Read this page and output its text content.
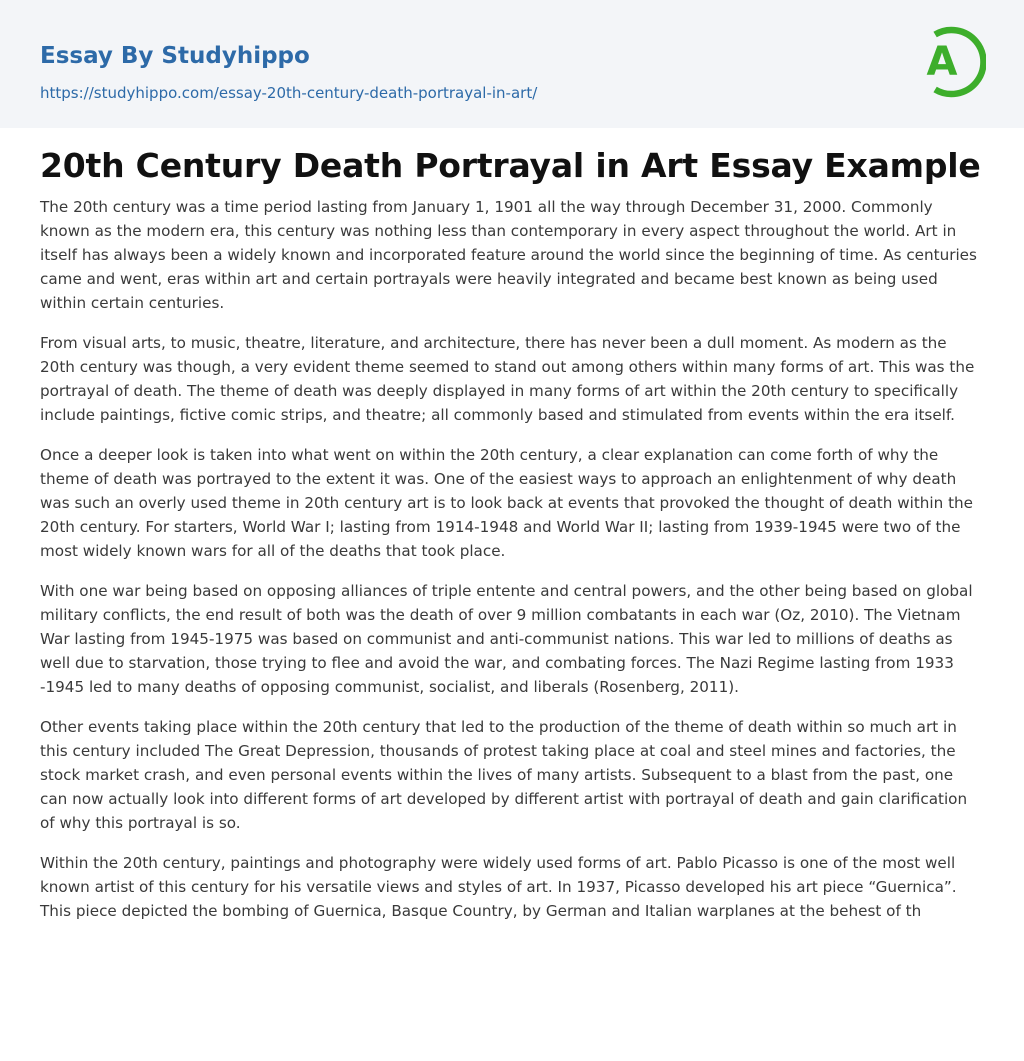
Essay By Studyhippo
https://studyhippo.com/essay-20th-century-death-portrayal-in-art/
A
20th Century Death Portrayal in Art Essay Example

The 20th century was a time period lasting from January 1, 1901 all the way through December 31, 2000. Commonly known as the modern era, this century was nothing less than contemporary in every aspect throughout the world. Art in itself has always been a widely known and incorporated feature around the world since the beginning of time. As centuries came and went, eras within art and certain portrayals were heavily integrated and became best known as being used within certain centuries.

From visual arts, to music, theatre, literature, and architecture, there has never been a dull moment. As modern as the 20th century was though, a very evident theme seemed to stand out among others within many forms of art. This was the portrayal of death. The theme of death was deeply displayed in many forms of art within the 20th century to specifically include paintings, fictive comic strips, and theatre; all commonly based and stimulated from events within the era itself.

Once a deeper look is taken into what went on within the 20th century, a clear explanation can come forth of why the theme of death was portrayed to the extent it was. One of the easiest ways to approach an enlightenment of why death was such an overly used theme in 20th century art is to look back at events that provoked the thought of death within the 20th century. For starters, World War I; lasting from 1914-1948 and World War II; lasting from 1939-1945 were two of the most widely known wars for all of the deaths that took place.

With one war being based on opposing alliances of triple entente and central powers, and the other being based on global military conflicts, the end result of both was the death of over 9 million combatants in each war (Oz, 2010). The Vietnam War lasting from 1945-1975 was based on communist and anti-communist nations. This war led to millions of deaths as well due to starvation, those trying to flee and avoid the war, and combating forces. The Nazi Regime lasting from 1933 -1945 led to many deaths of opposing communist, socialist, and liberals (Rosenberg, 2011).

Other events taking place within the 20th century that led to the production of the theme of death within so much art in this century included The Great Depression, thousands of protest taking place at coal and steel mines and factories, the stock market crash, and even personal events within the lives of many artists. Subsequent to a blast from the past, one can now actually look into different forms of art developed by different artist with portrayal of death and gain clarification of why this portrayal is so.

Within the 20th century, paintings and photography were widely used forms of art. Pablo Picasso is one of the most well known artist of this century for his versatile views and styles of art. In 1937, Picasso developed his art piece “Guernica”. This piece depicted the bombing of Guernica, Basque Country, by German and Italian warplanes at the behest of th
